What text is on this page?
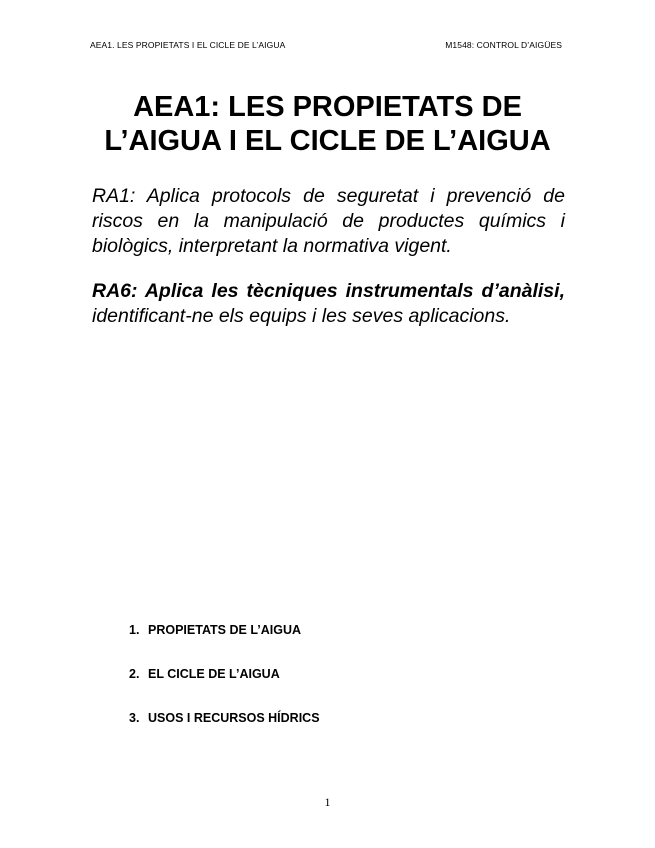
AEA1. LES PROPIETATS I EL CICLE DE L’AIGUA	M1548: CONTROL D’AIGÜES
AEA1: LES PROPIETATS DE
L’AIGUA I EL CICLE DE L’AIGUA

RA1: Aplica protocols de seguretat i prevenció de riscos en la manipulació de productes químics i biològics, interpretant la normativa vigent.

RA6: Aplica les tècniques instrumentals d’anàlisi, identificant-ne els equips i les seves aplicacions.

1. PROPIETATS DE L’AIGUA
2. EL CICLE DE L’AIGUA
3. USOS I RECURSOS HÍDRICS
1
